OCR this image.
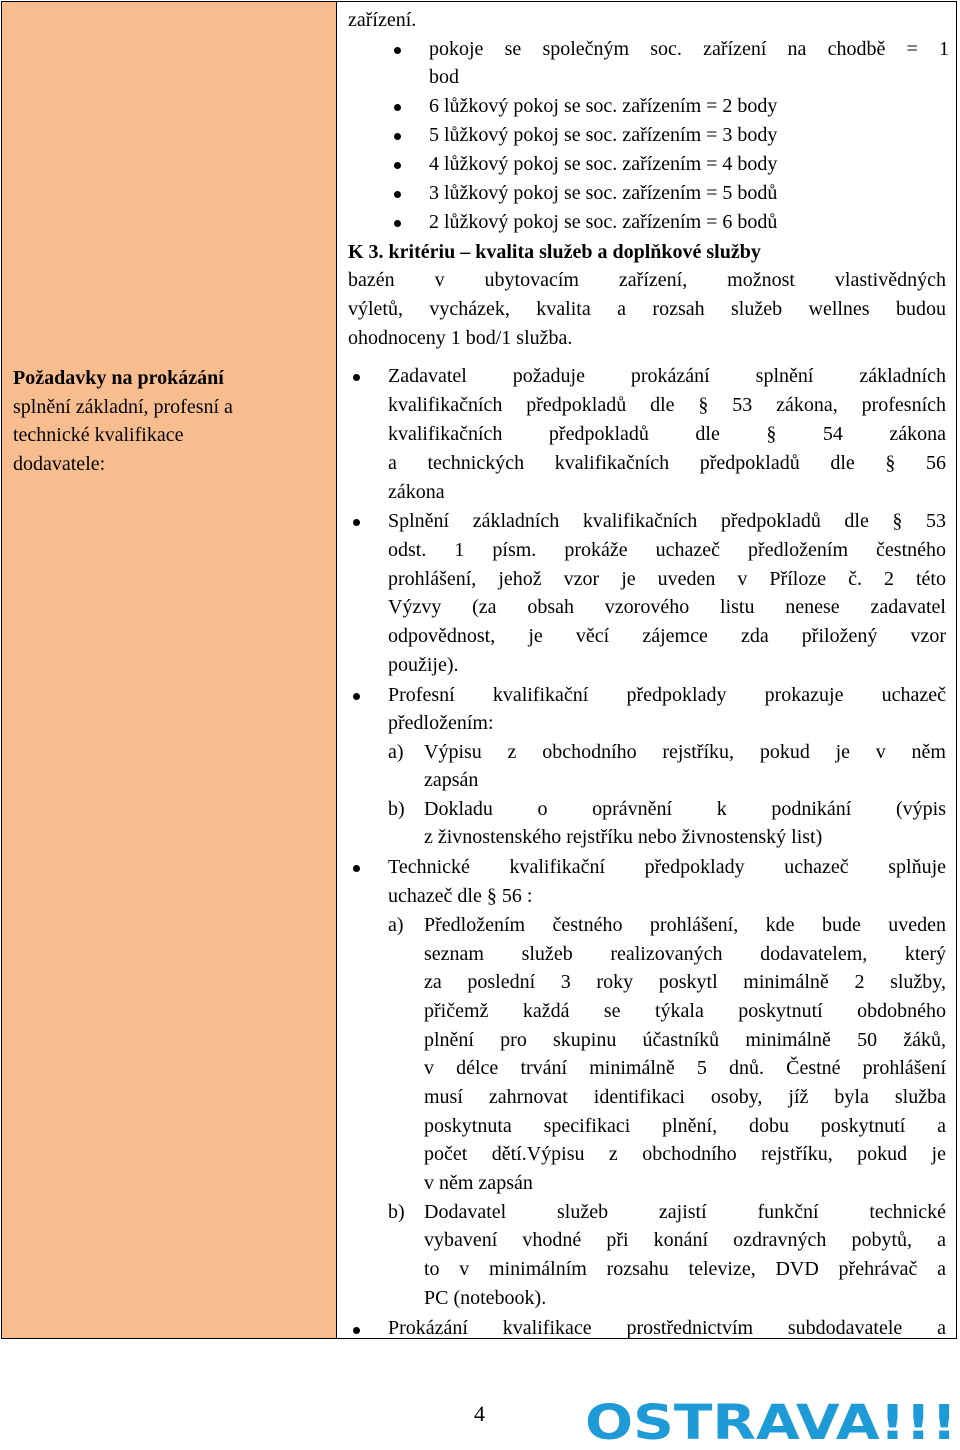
Požadavky na prokázání
splnění základní, profesní a
technické kvalifikace
dodavatele:
zařízení.
pokoje se společným soc. zařízení na chodbě = 1
bod
6 lůžkový pokoj se soc. zařízením = 2 body
5 lůžkový pokoj se soc. zařízením = 3 body
4 lůžkový pokoj se soc. zařízením = 4 body
3 lůžkový pokoj se soc. zařízením = 5 bodů
2 lůžkový pokoj se soc. zařízením = 6 bodů
K 3. kritériu – kvalita služeb a doplňkové služby
bazén v ubytovacím zařízení, možnost vlastivědných
výletů, vycházek, kvalita a rozsah služeb wellnes budou
ohodnoceny 1 bod/1 služba.
Zadavatel požaduje prokázání splnění základních
kvalifikačních předpokladů dle § 53 zákona, profesních
kvalifikačních předpokladů dle § 54 zákona
a technických kvalifikačních předpokladů dle § 56
zákona
Splnění základních kvalifikačních předpokladů dle § 53
odst. 1 písm. prokáže uchazeč předložením čestného
prohlášení, jehož vzor je uveden v Příloze č. 2 této
Výzvy (za obsah vzorového listu nenese zadavatel
odpovědnost, je věcí zájemce zda přiložený vzor
použije).
Profesní kvalifikační předpoklady prokazuje uchazeč
předložením:
a) Výpisu z obchodního rejstříku, pokud je v něm
zapsán
b) Dokladu o oprávnění k podnikání (výpis
z živnostenského rejstříku nebo živnostenský list)
Technické kvalifikační předpoklady uchazeč splňuje
uchazeč dle § 56 :
a) Předložením čestného prohlášení, kde bude uveden
seznam služeb realizovaných dodavatelem, který
za poslední 3 roky poskytl minimálně 2 služby,
přičemž každá se týkala poskytnutí obdobného
plnění pro skupinu účastníků minimálně 50 žáků,
v délce trvání minimálně 5 dnů. Čestné prohlášení
musí zahrnovat identifikaci osoby, jíž byla služba
poskytnuta specifikaci plnění, dobu poskytnutí a
počet dětí.Výpisu z obchodního rejstříku, pokud je
v něm zapsán
b) Dodavatel služeb zajistí funkční technické
vybavení vhodné při konání ozdravných pobytů, a
to v minimálním rozsahu televize, DVD přehrávač a
PC (notebook).
Prokázání kvalifikace prostřednictvím subdodavatele a
4 OSTRAVA!!!
